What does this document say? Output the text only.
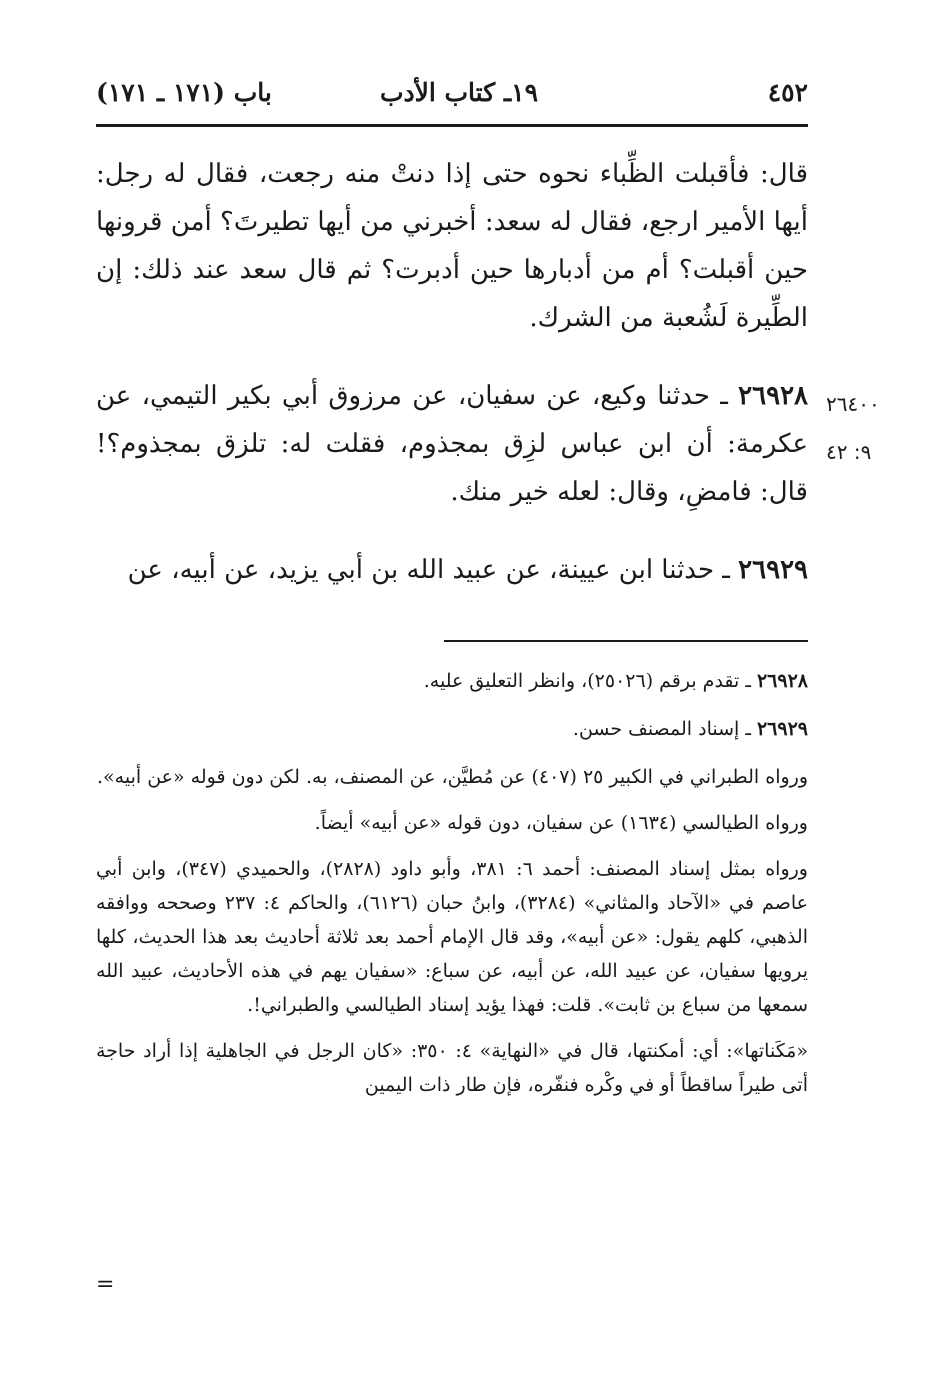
٤٥٢
١٩ـ كتاب الأدب
باب (١٧١ ـ ١٧١)

قال: فأقبلت الظِّباء نحوه حتى إذا دنتْ منه رجعت، فقال له رجل: أيها الأمير ارجع، فقال له سعد: أخبرني من أيها تطيرتَ؟ أمن قرونها حين أقبلت؟ أم من أدبارها حين أدبرت؟ ثم قال سعد عند ذلك: إن الطِّيرة لَشُعبة من الشرك.

٢٦٩٢٨ ـ حدثنا وكيع، عن سفيان، عن مرزوق أبي بكير التيمي، عن عكرمة: أن ابن عباس لزِق بمجذوم، فقلت له: تلزق بمجذوم؟! قال: فامضِ، وقال: لعله خير منك.

٢٦٩٢٩ ـ حدثنا ابن عيينة، عن عبيد الله بن أبي يزيد، عن أبيه، عن

٢٦٤٠٠
٩: ٤٢

٢٦٩٢٨ ـ تقدم برقم (٢٥٠٢٦)، وانظر التعليق عليه.

٢٦٩٢٩ ـ إسناد المصنف حسن.

ورواه الطبراني في الكبير ٢٥ (٤٠٧) عن مُطيَّن، عن المصنف، به. لكن دون قوله «عن أبيه».

ورواه الطيالسي (١٦٣٤) عن سفيان، دون قوله «عن أبيه» أيضاً.

ورواه بمثل إسناد المصنف: أحمد ٦: ٣٨١، وأبو داود (٢٨٢٨)، والحميدي (٣٤٧)، وابن أبي عاصم في «الآحاد والمثاني» (٣٢٨٤)، وابنُ حبان (٦١٢٦)، والحاكم ٤: ٢٣٧ وصححه ووافقه الذهبي، كلهم يقول: «عن أبيه»، وقد قال الإمام أحمد بعد ثلاثة أحاديث بعد هذا الحديث، كلها يرويها سفيان، عن عبيد الله، عن أبيه، عن سباع: «سفيان يهم في هذه الأحاديث، عبيد الله سمعها من سباع بن ثابت». قلت: فهذا يؤيد إسناد الطيالسي والطبراني!.

«مَكَناتها»: أي: أمكنتها، قال في «النهاية» ٤: ٣٥٠: «كان الرجل في الجاهلية إذا أراد حاجة أتى طيراً ساقطاً أو في وكْره فنفّره، فإن طار ذات اليمين

=
